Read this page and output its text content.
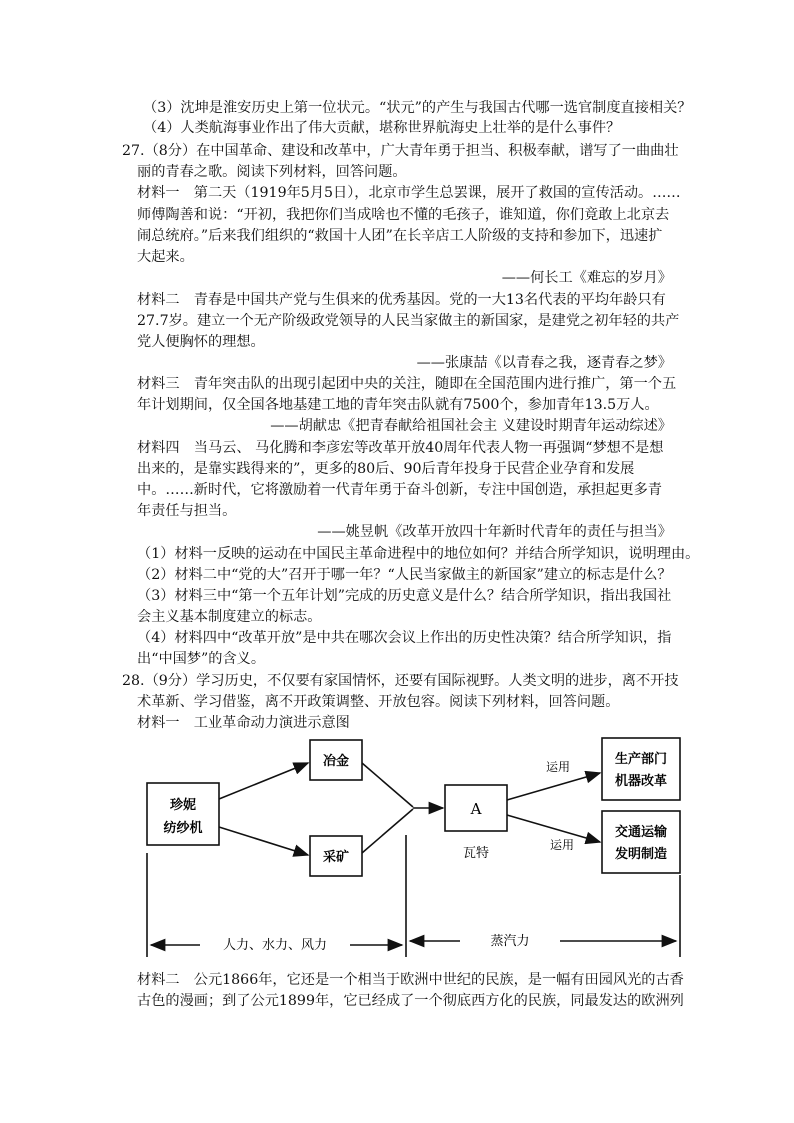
（3）沈坤是淮安历史上第一位状元。“状元”的产生与我国古代哪一选官制度直接相关？
（4）人类航海事业作出了伟大贡献，堪称世界航海史上壮举的是什么事件？
27.（8分）在中国革命、建设和改革中，广大青年勇于担当、积极奉献，谱写了一曲曲壮
丽的青春之歌。阅读下列材料，回答问题。
材料一　第二天（1919年5月5日），北京市学生总罢课，展开了救国的宣传活动。……
师傅陶善和说：“开初，我把你们当成啥也不懂的毛孩子，谁知道，你们竟敢上北京去
闹总统府。”后来我们组织的“救国十人团”在长辛店工人阶级的支持和参加下，迅速扩
大起来。
——何长工《难忘的岁月》
材料二　青春是中国共产党与生俱来的优秀基因。党的一大13名代表的平均年龄只有
27.7岁。建立一个无产阶级政党领导的人民当家做主的新国家，是建党之初年轻的共产
党人便胸怀的理想。
——张康喆《以青春之我，逐青春之梦》
材料三　青年突击队的出现引起团中央的关注，随即在全国范围内进行推广，第一个五
年计划期间，仅全国各地基建工地的青年突击队就有7500个，参加青年13.5万人。
——胡献忠《把青春献给祖国社会主 义建设时期青年运动综述》
材料四　当马云、 马化腾和李彦宏等改革开放40周年代表人物一再强调“梦想不是想
出来的，是靠实践得来的”，更多的80后、90后青年投身于民营企业孕育和发展
中。……新时代，它将激励着一代青年勇于奋斗创新，专注中国创造，承担起更多青
年责任与担当。
——姚昱帆《改革开放四十年新时代青年的责任与担当》
（1）材料一反映的运动在中国民主革命进程中的地位如何？并结合所学知识，说明理由。
（2）材料二中“党的大”召开于哪一年？“人民当家做主的新国家”建立的标志是什么？
（3）材料三中“第一个五年计划”完成的历史意义是什么？结合所学知识，指出我国社
会主义基本制度建立的标志。
（4）材料四中“改革开放”是中共在哪次会议上作出的历史性决策？结合所学知识，指
出“中国梦”的含义。
28.（9分）学习历史，不仅要有家国情怀，还要有国际视野。人类文明的进步，离不开技
术革新、学习借鉴，离不开政策调整、开放包容。阅读下列材料，回答问题。
材料一　工业革命动力演进示意图
珍妮
纺纱机
冶金
采矿
A
瓦特
运用
运用
生产部门
机器改革
交通运输
发明制造
人力、水力、风力	蒸汽力
材料二　公元1866年，它还是一个相当于欧洲中世纪的民族，是一幅有田园风光的古香
古色的漫画；到了公元1899年，它已经成了一个彻底西方化的民族，同最发达的欧洲列
